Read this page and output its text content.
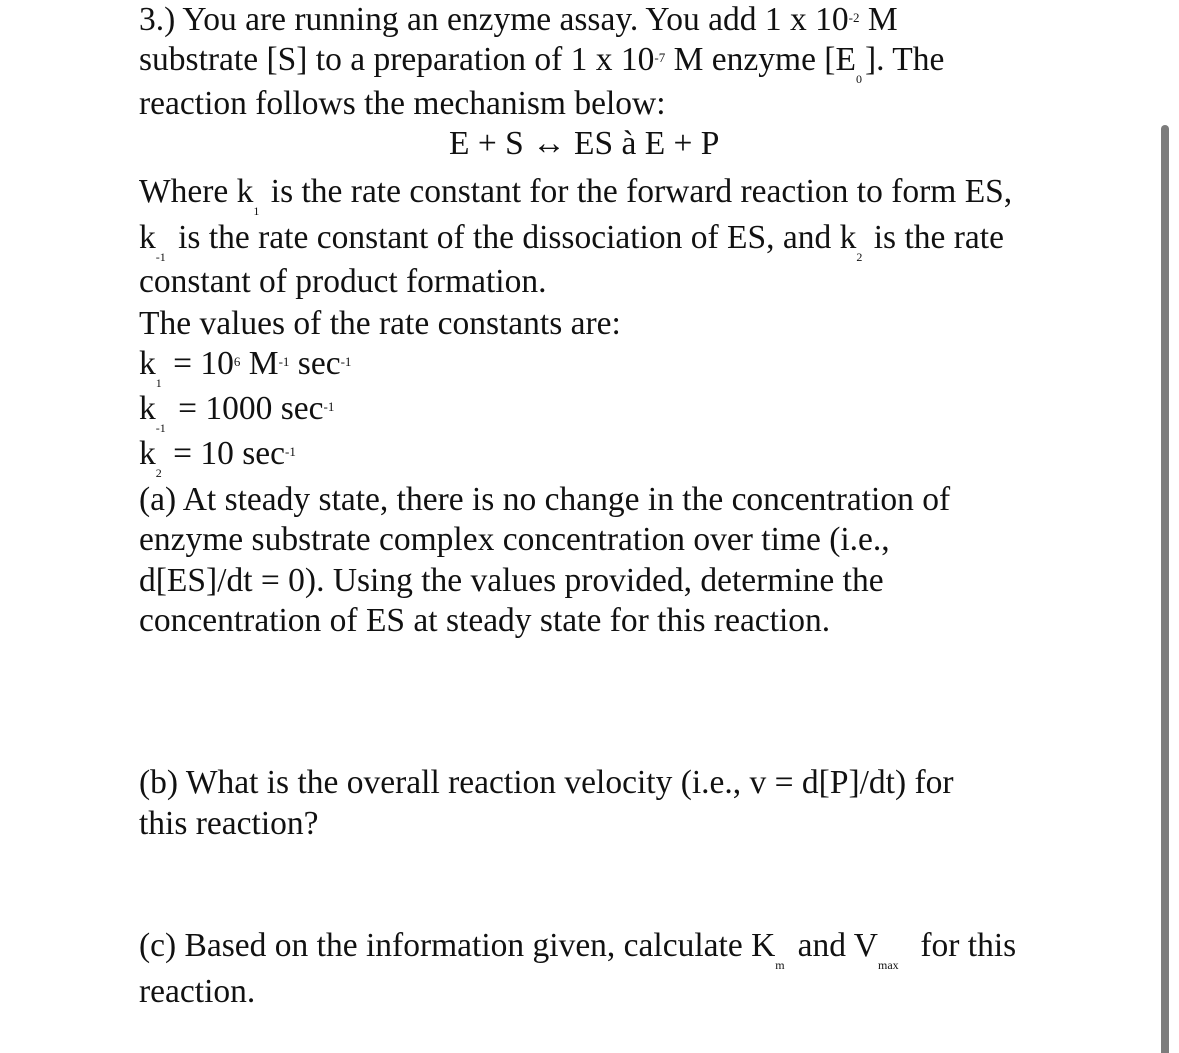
3.) You are running an enzyme assay. You add 1 x $10^{-2}$ M
substrate [S] to a preparation of 1 x $10^{-7}$ M enzyme [E0]. The
reaction follows the mechanism below:
E + S ↔ ES à E + P
Where k1 is the rate constant for the forward reaction to form ES,
k-1 is the rate constant of the dissociation of ES, and k2 is the rate
constant of product formation.
The values of the rate constants are:
$k1 = 10^6$ $M^{-1}$ $\sec^{-1}$
k-1 = 1000 $\sec^{-1}$
k2 = 10 $\sec^{-1}$
(a) At steady state, there is no change in the concentration of
enzyme substrate complex concentration over time (i.e.,
d[ES]/dt = 0). Using the values provided, determine the
concentration of ES at steady state for this reaction.
(b) What is the overall reaction velocity (i.e., v = d[P]/dt) for
this reaction?
(c) Based on the information given, calculate Km and Vmax for this
reaction.
